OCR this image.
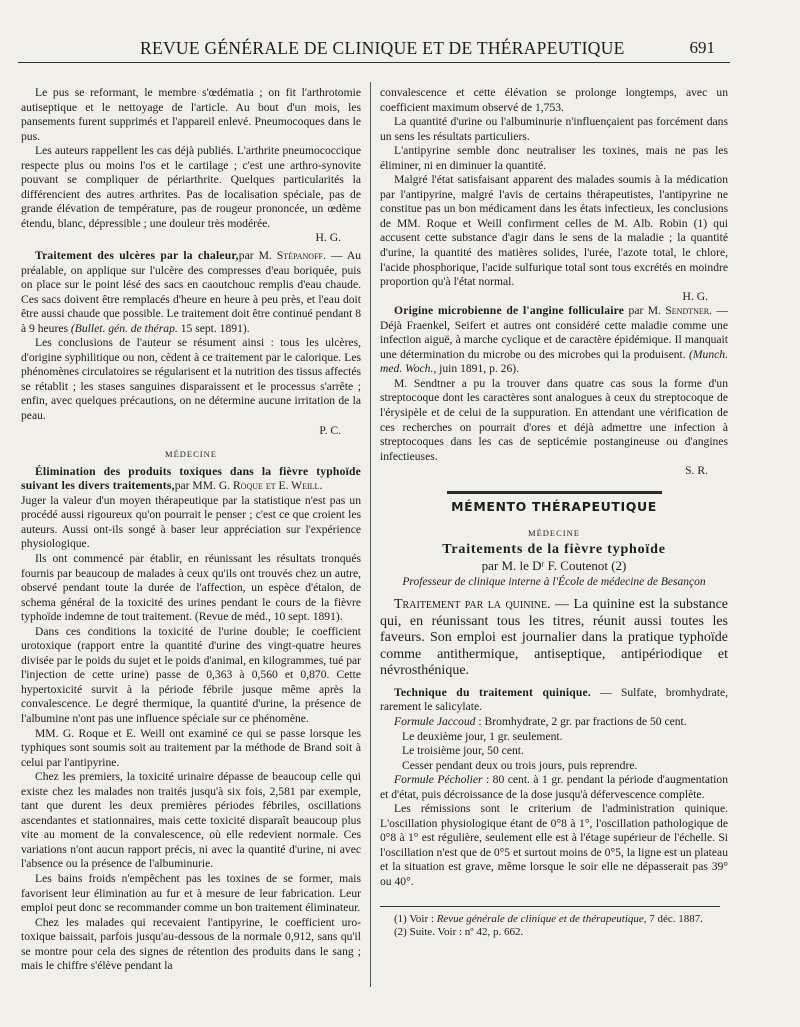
REVUE GÉNÉRALE DE CLINIQUE ET DE THÉRAPEUTIQUE	691

Le pus se reformant, le membre s'œdématia ; on fit l'arthrotomie autiseptique et le nettoyage de l'article. Au bout d'un mois, les pansements furent supprimés et l'appareil enlevé. Pneumocoques dans le pus.

Les auteurs rappellent les cas déjà publiés. L'arthrite pneumococcique respecte plus ou moins l'os et le cartilage ; c'est une arthro-synovite pouvant se compliquer de périarthrite. Quelques particularités la différencient des autres arthrites. Pas de localisation spéciale, pas de grande élévation de température, pas de rougeur prononcée, un œdème étendu, blanc, dépressible ; une douleur très modérée.

H. G.

Traitement des ulcères par la chaleur,par M. Stépanoff. — Au préalable, on applique sur l'ulcère des compresses d'eau boriquée, puis on place sur le point lésé des sacs en caoutchouc remplis d'eau chaude. Ces sacs doivent être remplacés d'heure en heure à peu près, et l'eau doit être aussi chaude que possible. Le traitement doit être continué pendant 8 à 9 heures (Bullet. gén. de thérap. 15 sept. 1891).

Les conclusions de l'auteur se résument ainsi : tous les ulcères, d'origine syphilitique ou non, cèdent à ce traitement par le calorique. Les phénomènes circulatoires se régularisent et la nutrition des tissus affectés se rétablit ; les stases sanguines disparaissent et le processus s'arrête ; enfin, avec quelques précautions, on ne détermine aucune irritation de la peau.

P. C.

MÉDECINE

Élimination des produits toxiques dans la fièvre typhoïde suivant les divers traitements,par MM. G. Roque et E. Weill.

Juger la valeur d'un moyen thérapeutique par la statistique n'est pas un procédé aussi rigoureux qu'on pourrait le penser ; c'est ce que croient les auteurs. Aussi ont-ils songé à baser leur appréciation sur l'expérience physiologique.

Ils ont commencé par établir, en réunissant les résultats tronqués fournis par beaucoup de malades à ceux qu'ils ont trouvés chez un autre, observé pendant toute la durée de l'affection, un espèce d'étalon, de schema général de la toxicité des urines pendant le cours de la fièvre typhoïde indemne de tout traitement. (Revue de méd., 10 sept. 1891).

Dans ces conditions la toxicité de l'urine double; le coefficient urotoxique (rapport entre la quantité d'urine des vingt-quatre heures divisée par le poids du sujet et le poids d'animal, en kilogrammes, tué par l'injection de cette urine) passe de 0,363 à 0,560 et 0,870. Cette hypertoxicité survit à la période fébrile jusque même après la convalescence. Le degré thermique, la quantité d'urine, la présence de l'albumine n'ont pas une influence spéciale sur ce phénomène.

MM. G. Roque et E. Weill ont examiné ce qui se passe lorsque les typhiques sont soumis soit au traitement par la méthode de Brand soit à celui par l'antipyrine.

Chez les premiers, la toxicité urinaire dépasse de beaucoup celle qui existe chez les malades non traités jusqu'à six fois, 2,581 par exemple, tant que durent les deux premières périodes fébriles, oscillations ascendantes et stationnaires, mais cette toxicité disparaît beaucoup plus vite au moment de la convalescence, où elle redevient normale. Ces variations n'ont aucun rapport précis, ni avec la quantité d'urine, ni avec l'absence ou la présence de l'albuminurie.

Les bains froids n'empêchent pas les toxines de se former, mais favorisent leur élimination au fur et à mesure de leur fabrication. Leur emploi peut donc se recommander comme un bon traitement éliminateur.

Chez les malades qui recevaient l'antipyrine, le coefficient uro-toxique baissait, parfois jusqu'au-dessous de la normale 0,912, sans qu'il se montre pour cela des signes de rétention des produits dans le sang ; mais le chiffre s'élève pendant la

convalescence et cette élévation se prolonge longtemps, avec un coefficient maximum observé de 1,753.

La quantité d'urine ou l'albuminurie n'influençaient pas forcément dans un sens les résultats particuliers.

L'antipyrine semble donc neutraliser les toxines, mais ne pas les éliminer, ni en diminuer la quantité.

Malgré l'état satisfaisant apparent des malades soumis à la médication par l'antipyrine, malgré l'avis de certains thérapeutistes, l'antipyrine ne constitue pas un bon médicament dans les états infectieux, les conclusions de MM. Roque et Weill confirment celles de M. Alb. Robin (1) qui accusent cette substance d'agir dans le sens de la maladie ; la quantité d'urine, la quantité des matières solides, l'urée, l'azote total, le chlore, l'acide phosphorique, l'acide sulfurique total sont tous excrétés en moindre proportion qu'à l'état normal.

H. G.

Origine microbienne de l'angine folliculaire par M. Sendtner. — Déjà Fraenkel, Seifert et autres ont considéré cette maladie comme une infection aiguë, à marche cyclique et de caractère épidémique. Il manquait une détermination du microbe ou des microbes qui la produisent. (Munch. med. Woch., juin 1891, p. 26).

M. Sendtner a pu la trouver dans quatre cas sous la forme d'un streptocoque dont les caractères sont analogues à ceux du streptocoque de l'érysipèle et de celui de la suppuration. En attendant une vérification de ces recherches on pourrait d'ores et déjà admettre une infection à streptocoques dans les cas de septicémie postangineuse ou d'angines infectieuses.

S. R.

MÉMENTO THÉRAPEUTIQUE

MÉDECINE

Traitements de la fièvre typhoïde

par M. le Dʳ F. Coutenot (2)

Professeur de clinique interne à l'École de médecine de Besançon

Traitement par la quinine. — La quinine est la substance qui, en réunissant tous les titres, réunit aussi toutes les faveurs. Son emploi est journalier dans la pratique typhoïde comme antithermique, antiseptique, antipériodique et névrosthénique.

Technique du traitement quinique. — Sulfate, bromhydrate, rarement le salicylate.

Formule Jaccoud : Bromhydrate, 2 gr. par fractions de 50 cent.

Le deuxième jour, 1 gr. seulement.

Le troisième jour, 50 cent.

Cesser pendant deux ou trois jours, puis reprendre.

Formule Pécholier : 80 cent. à 1 gr. pendant la période d'augmentation et d'état, puis décroissance de la dose jusqu'à défervescence complète.

Les rémissions sont le criterium de l'administration quinique. L'oscillation physiologique étant de 0°8 à 1°, l'oscillation pathologique de 0°8 à 1° est régulière, seulement elle est à l'étage supérieur de l'échelle. Si l'oscillation n'est que de 0°5 et surtout moins de 0°5, la ligne est un plateau et la situation est grave, même lorsque le soir elle ne dépasserait pas 39° ou 40°.

(1) Voir : Revue générale de clinique et de thérapeutique, 7 déc. 1887.

(2) Suite. Voir : nº 42, p. 662.
